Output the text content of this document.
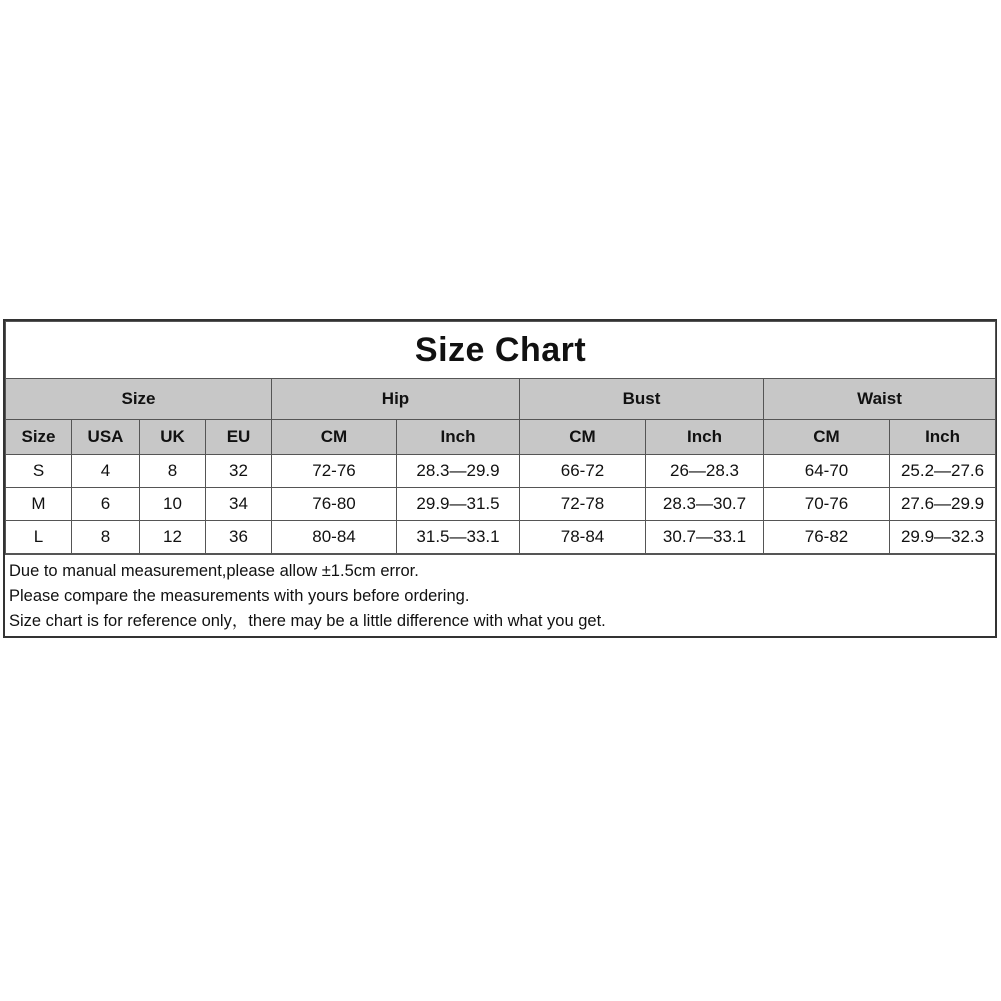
Size Chart									
Size				Hip		Bust		Waist	
Size	USA	UK	EU	CM	Inch	CM	Inch	CM	Inch
S	4	8	32	72-76	28.3—29.9	66-72	26—28.3	64-70	25.2—27.6
M	6	10	34	76-80	29.9—31.5	72-78	28.3—30.7	70-76	27.6—29.9
L	8	12	36	80-84	31.5—33.1	78-84	30.7—33.1	76-82	29.9—32.3
Due to manual measurement,please allow ±1.5cm error.
Please compare the measurements with yours before ordering.
Size chart is for reference only，there may be a little difference with what you get.
